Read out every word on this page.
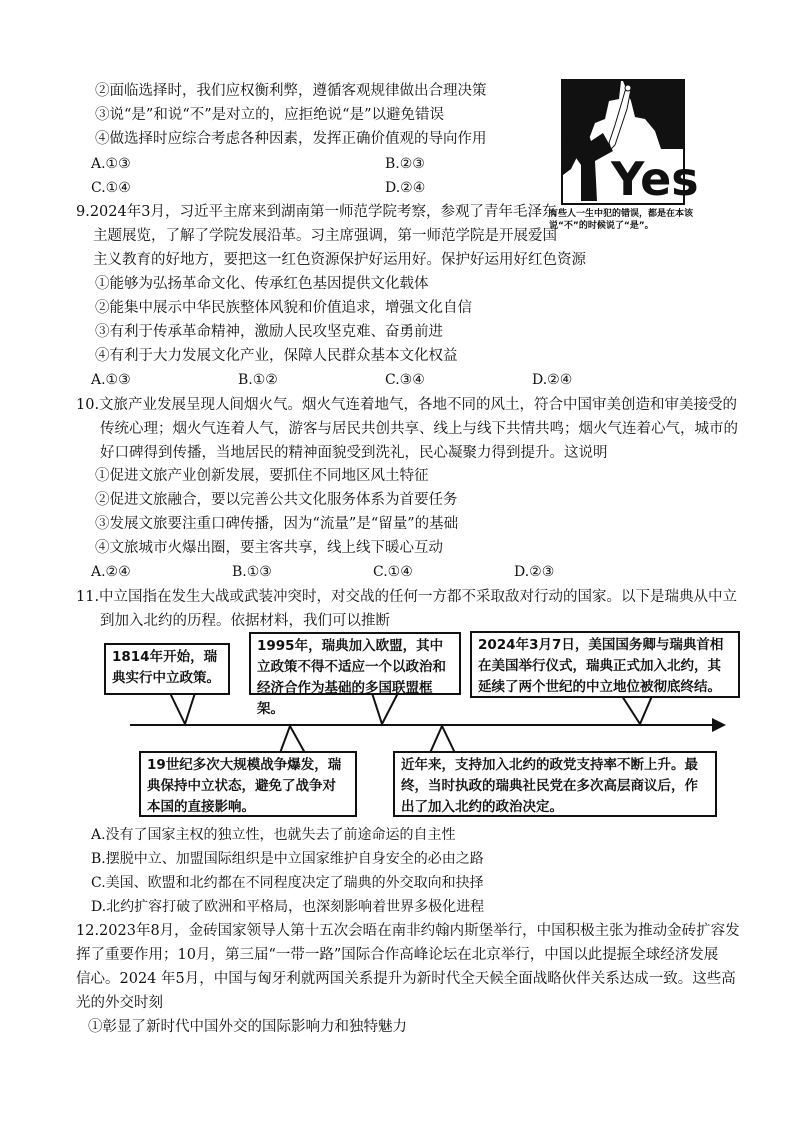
②面临选择时，我们应权衡利弊，遵循客观规律做出合理决策
③说“是”和说“不”是对立的，应拒绝说“是”以避免错误
④做选择时应综合考虑各种因素，发挥正确价值观的导向作用
A.①③	B.②③
C.①④	D.②④	Yes
有些人一生中犯的错误，都是在本该说“不”的时候说了“是”。
9.2024年3月，习近平主席来到湖南第一师范学院考察，参观了青年毛泽东
主题展览，了解了学院发展沿革。习主席强调，第一师范学院是开展爱国
主义教育的好地方，要把这一红色资源保护好运用好。保护好运用好红色资源
①能够为弘扬革命文化、传承红色基因提供文化载体
②能集中展示中华民族整体风貌和价值追求，增强文化自信
③有利于传承革命精神，激励人民攻坚克难、奋勇前进
④有利于大力发展文化产业，保障人民群众基本文化权益
A.①③	B.①②	C.③④	D.②④
10.文旅产业发展呈现人间烟火气。烟火气连着地气，各地不同的风土，符合中国审美创造和审美接受的
传统心理；烟火气连着人气，游客与居民共创共享、线上与线下共情共鸣；烟火气连着心气，城市的
好口碑得到传播，当地居民的精神面貌受到洗礼，民心凝聚力得到提升。这说明
①促进文旅产业创新发展，要抓住不同地区风土特征
②促进文旅融合，要以完善公共文化服务体系为首要任务
③发展文旅要注重口碑传播，因为“流量”是“留量”的基础
④文旅城市火爆出圈，要主客共享，线上线下暖心互动
A.②④	B.①③	C.①④	D.②③
11.中立国指在发生大战或武装冲突时，对交战的任何一方都不采取敌对行动的国家。以下是瑞典从中立
到加入北约的历程。依据材料，我们可以推断
1814年开始，瑞典实行中立政策。
1995年，瑞典加入欧盟，其中立政策不得不适应一个以政治和经济合作为基础的多国联盟框架。
2024年3月7日，美国国务卿与瑞典首相在美国举行仪式，瑞典正式加入北约，其延续了两个世纪的中立地位被彻底终结。
19世纪多次大规模战争爆发，瑞典保持中立状态，避免了战争对本国的直接影响。
近年来，支持加入北约的政党支持率不断上升。最终，当时执政的瑞典社民党在多次高层商议后，作出了加入北约的政治决定。
A.没有了国家主权的独立性，也就失去了前途命运的自主性
B.摆脱中立、加盟国际组织是中立国家维护自身安全的必由之路
C.美国、欧盟和北约都在不同程度决定了瑞典的外交取向和抉择
D.北约扩容打破了欧洲和平格局，也深刻影响着世界多极化进程
12.2023年8月，金砖国家领导人第十五次会晤在南非约翰内斯堡举行，中国积极主张为推动金砖扩容发
挥了重要作用；10月，第三届“一带一路”国际合作高峰论坛在北京举行，中国以此提振全球经济发展
信心。2024 年5月，中国与匈牙利就两国关系提升为新时代全天候全面战略伙伴关系达成一致。这些高
光的外交时刻
①彰显了新时代中国外交的国际影响力和独特魅力
